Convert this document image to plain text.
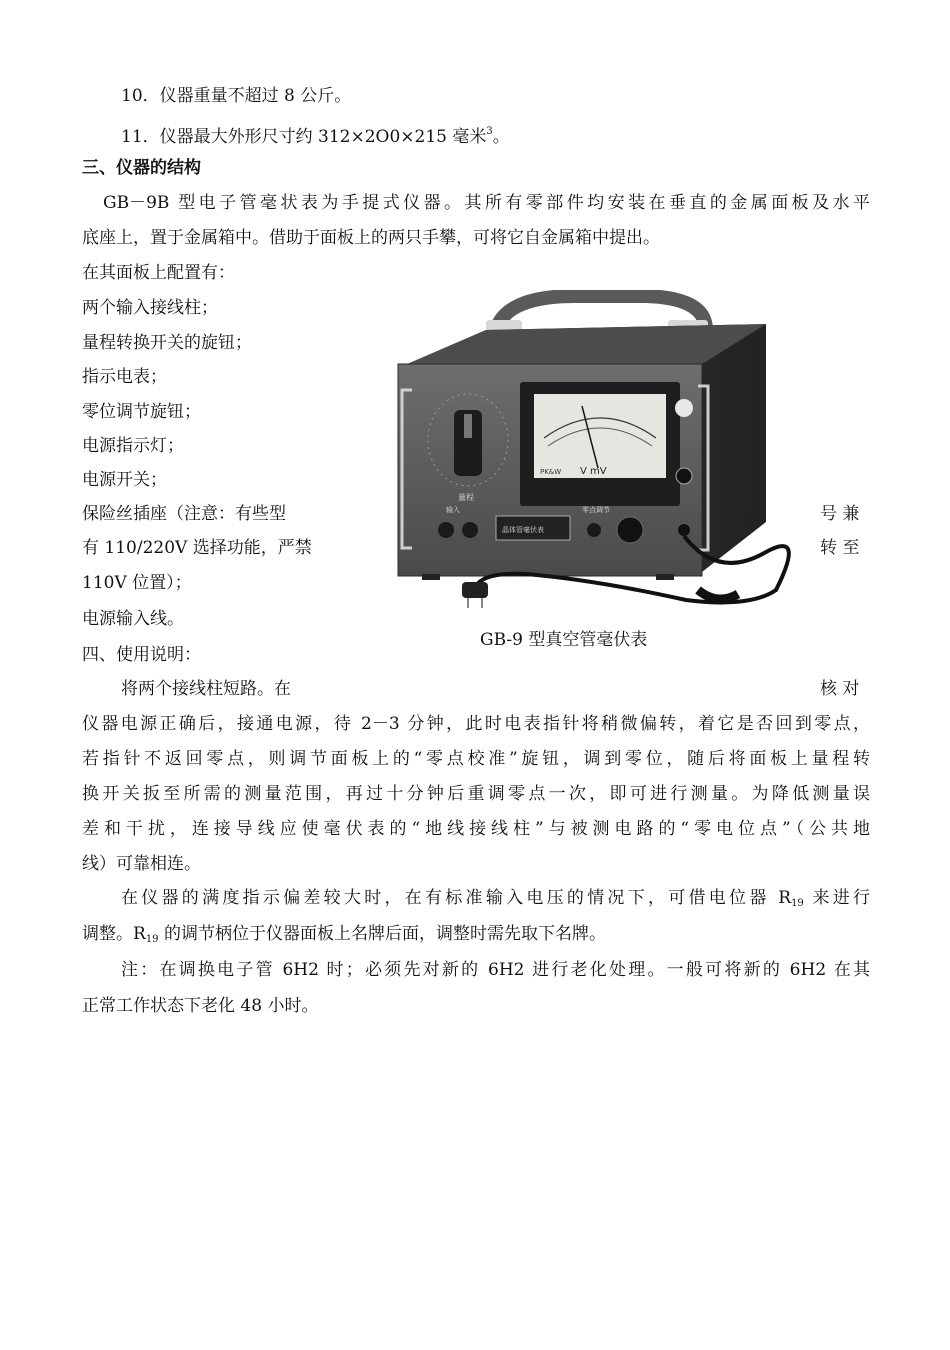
10．仪器重量不超过 8 公斤。
11．仪器最大外形尺寸约 312×2O0×215 毫米$^3$。
三、仪器的结构
GB－9B 型电子管毫状表为手提式仪器。其所有零部件均安装在垂直的金属面板及水平
底座上，置于金属箱中。借助于面板上的两只手攀，可将它自金属箱中提出。
在其面板上配置有：
两个输入接线柱；
量程转换开关的旋钮；
指示电表；
零位调节旋钮；
电源指示灯；
电源开关；
保险丝插座（注意：有些型	号 兼
有 110/220V 选择功能，严禁	转 至
110V 位置）；
电源输入线。
四、使用说明：
将两个接线柱短路。在	核 对
仪器电源正确后，接通电源，待 2－3 分钟，此时电表指针将稍微偏转，着它是否回到零点，
若指针不返回零点，则调节面板上的“零点校准”旋钮，调到零位，随后将面板上量程转
换开关扳至所需的测量范围，再过十分钟后重调零点一次，即可进行测量。为降低测量误
差和干扰，连接导线应使毫伏表的“地线接线柱”与被测电路的“零电位点”（公共地
线）可靠相连。
在仪器的满度指示偏差较大时，在有标准输入电压的情况下，可借电位器 $R_{19}$ 来进行
调整。$R_{19}$ 的调节柄位于仪器面板上名牌后面，调整时需先取下名牌。
注：在调换电子管 6H2 时；必须先对新的 6H2 进行老化处理。一般可将新的 6H2 在其
正常工作状态下老化 48 小时。
量程
PK&W V mV
输入
晶体管毫伏表
零点调节
GB-9 型真空管毫伏表
